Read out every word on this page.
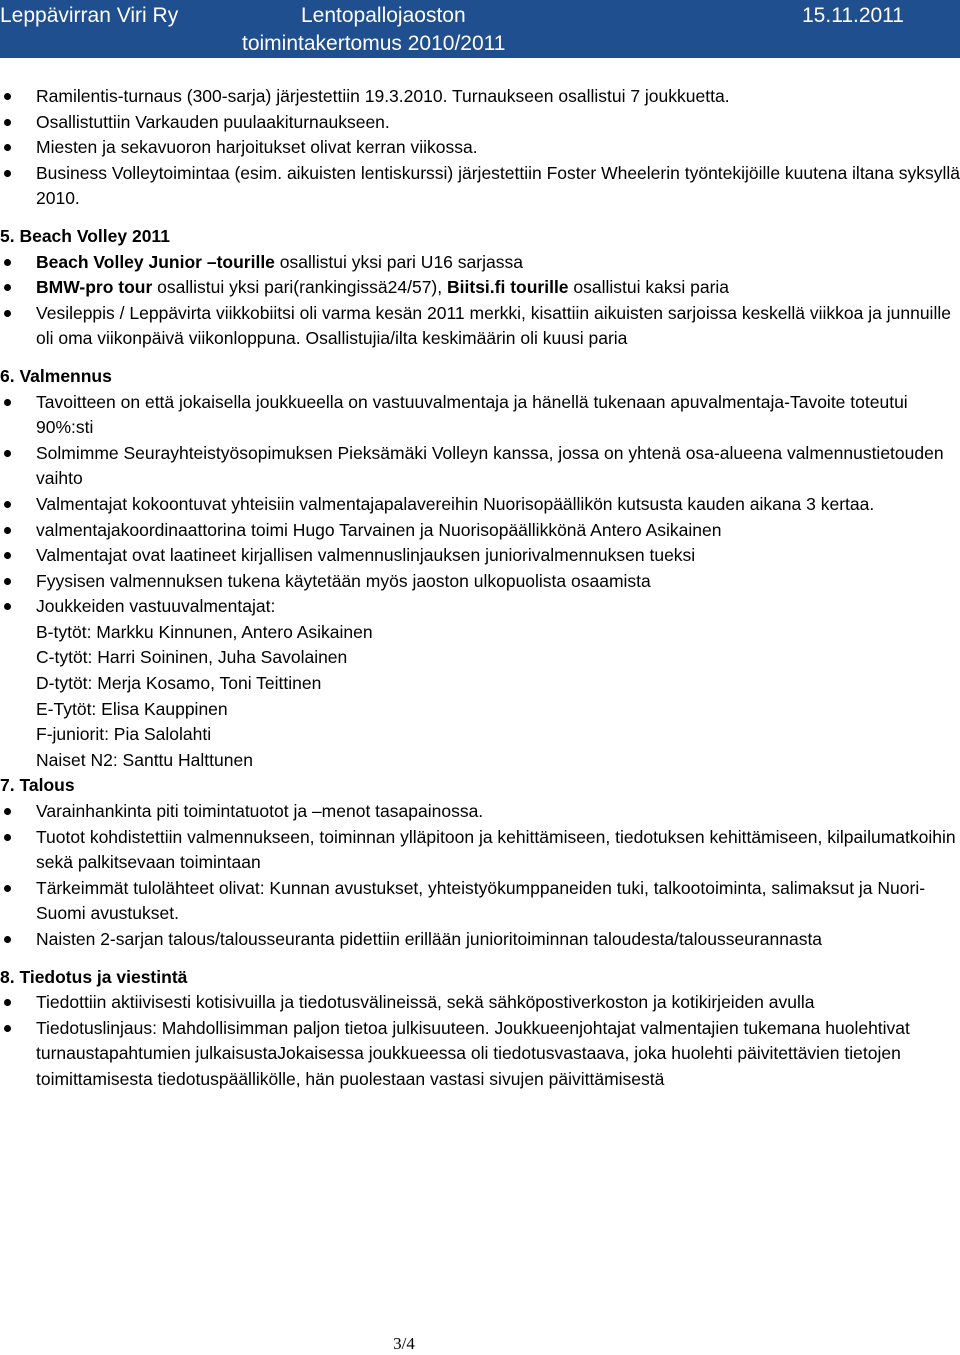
Leppävirran Viri Ry	Lentopallojaoston
toimintakertomus 2010/2011
15.11.2011
Ramilentis-turnaus (300-sarja) järjestettiin 19.3.2010. Turnaukseen osallistui 7 joukkuetta.
Osallistuttiin Varkauden puulaakiturnaukseen.
Miesten ja sekavuoron harjoitukset olivat kerran viikossa.
Business Volleytoimintaa (esim. aikuisten lentiskurssi) järjestettiin Foster Wheelerin työntekijöille kuutena iltana syksyllä 2010.
5. Beach Volley 2011
Beach Volley Junior –tourille osallistui yksi pari U16 sarjassa
BMW-pro tour osallistui yksi pari(rankingissä24/57), Biitsi.fi tourille osallistui kaksi paria
Vesileppis / Leppävirta viikkobiitsi oli varma kesän 2011 merkki, kisattiin aikuisten sarjoissa keskellä viikkoa ja junnuille oli oma viikonpäivä viikonloppuna. Osallistujia/ilta keskimäärin oli kuusi paria
6. Valmennus
Tavoitteen on että jokaisella joukkueella on vastuuvalmentaja ja hänellä tukenaan apuvalmentaja-Tavoite toteutui 90%:sti
Solmimme Seurayhteistyösopimuksen Pieksämäki Volleyn kanssa, jossa on yhtenä osa-alueena valmennustietouden vaihto
Valmentajat kokoontuvat yhteisiin valmentajapalavereihin Nuorisopäällikön kutsusta kauden aikana 3 kertaa.
valmentajakoordinaattorina toimi Hugo Tarvainen ja Nuorisopäällikkönä Antero Asikainen
Valmentajat ovat laatineet kirjallisen valmennuslinjauksen juniorivalmennuksen tueksi
Fyysisen valmennuksen tukena käytetään myös jaoston ulkopuolista osaamista
Joukkeiden vastuuvalmentajat:
B-tytöt: Markku Kinnunen, Antero Asikainen
C-tytöt: Harri Soininen, Juha Savolainen
D-tytöt: Merja Kosamo, Toni Teittinen
E-Tytöt: Elisa Kauppinen
F-juniorit: Pia Salolahti
Naiset N2: Santtu Halttunen
7. Talous
Varainhankinta piti toimintatuotot ja –menot tasapainossa.
Tuotot kohdistettiin valmennukseen, toiminnan ylläpitoon ja kehittämiseen, tiedotuksen kehittämiseen, kilpailumatkoihin sekä palkitsevaan toimintaan
Tärkeimmät tulolähteet olivat: Kunnan avustukset, yhteistyökumppaneiden tuki, talkootoiminta, salimaksut ja Nuori-Suomi avustukset.
Naisten 2-sarjan talous/talousseuranta pidettiin erillään junioritoiminnan taloudesta/talousseurannasta
8. Tiedotus ja viestintä
Tiedottiin aktiivisesti kotisivuilla ja tiedotusvälineissä, sekä sähköpostiverkoston ja kotikirjeiden avulla
Tiedotuslinjaus: Mahdollisimman paljon tietoa julkisuuteen. Joukkueenjohtajat valmentajien tukemana huolehtivat turnaustapahtumien julkaisustaJokaisessa joukkueessa oli tiedotusvastaava, joka huolehti päivitettävien tietojen toimittamisesta tiedotuspäällikölle, hän puolestaan vastasi sivujen päivittämisestä
3/4
